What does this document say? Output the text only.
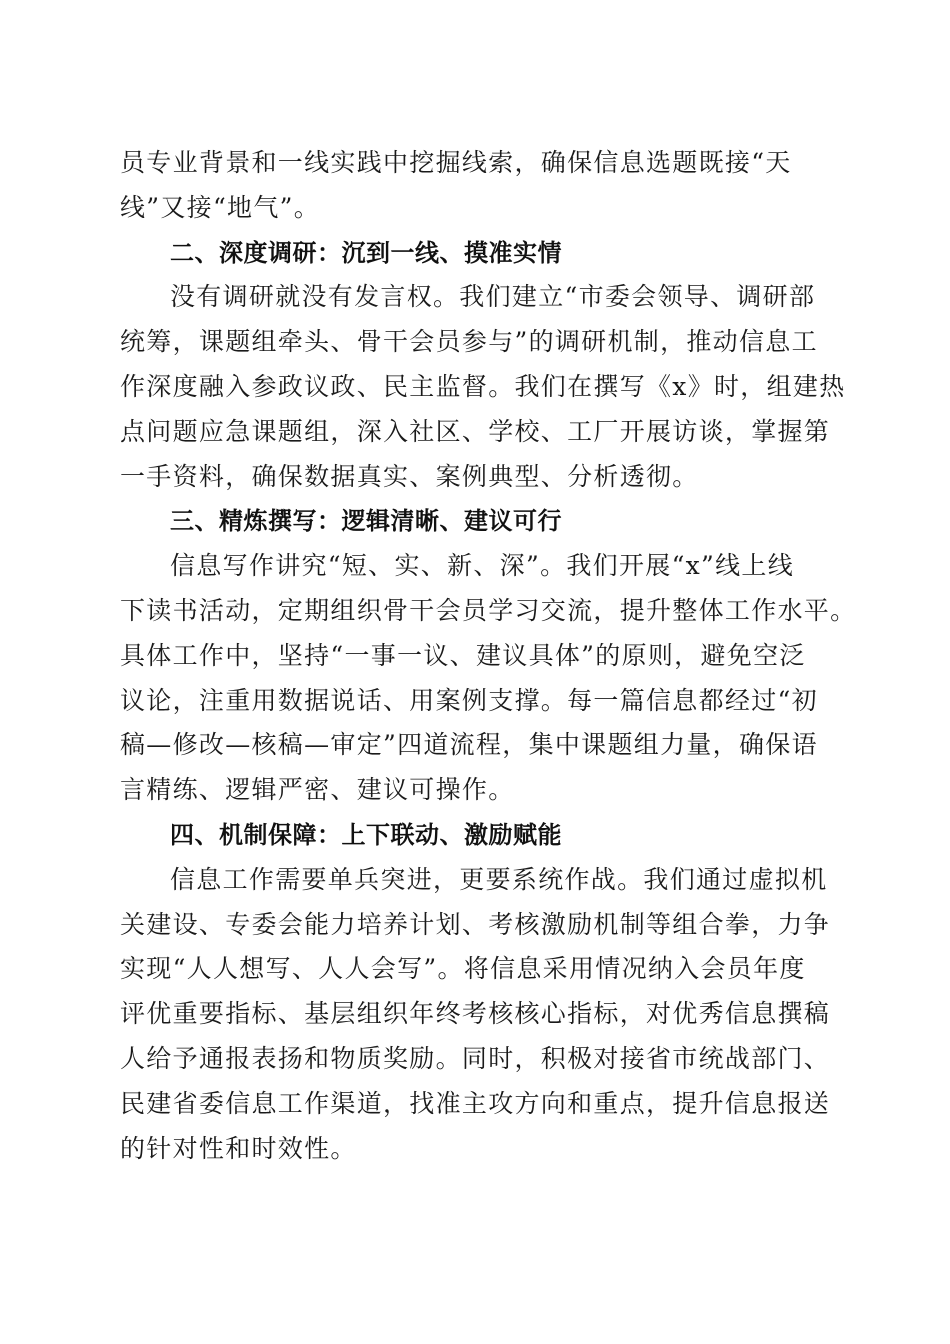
员专业背景和一线实践中挖掘线索，确保信息选题既接“天
线”又接“地气”。

二、深度调研：沉到一线、摸准实情

没有调研就没有发言权。我们建立“市委会领导、调研部
统筹，课题组牵头、骨干会员参与”的调研机制，推动信息工
作深度融入参政议政、民主监督。我们在撰写《x》时，组建热
点问题应急课题组，深入社区、学校、工厂开展访谈，掌握第
一手资料，确保数据真实、案例典型、分析透彻。

三、精炼撰写：逻辑清晰、建议可行

信息写作讲究“短、实、新、深”。我们开展“x”线上线
下读书活动，定期组织骨干会员学习交流，提升整体工作水平。
具体工作中，坚持“一事一议、建议具体”的原则，避免空泛
议论，注重用数据说话、用案例支撑。每一篇信息都经过“初
稿—修改—核稿—审定”四道流程，集中课题组力量，确保语
言精练、逻辑严密、建议可操作。

四、机制保障：上下联动、激励赋能

信息工作需要单兵突进，更要系统作战。我们通过虚拟机
关建设、专委会能力培养计划、考核激励机制等组合拳，力争
实现“人人想写、人人会写”。将信息采用情况纳入会员年度
评优重要指标、基层组织年终考核核心指标，对优秀信息撰稿
人给予通报表扬和物质奖励。同时，积极对接省市统战部门、
民建省委信息工作渠道，找准主攻方向和重点，提升信息报送
的针对性和时效性。
